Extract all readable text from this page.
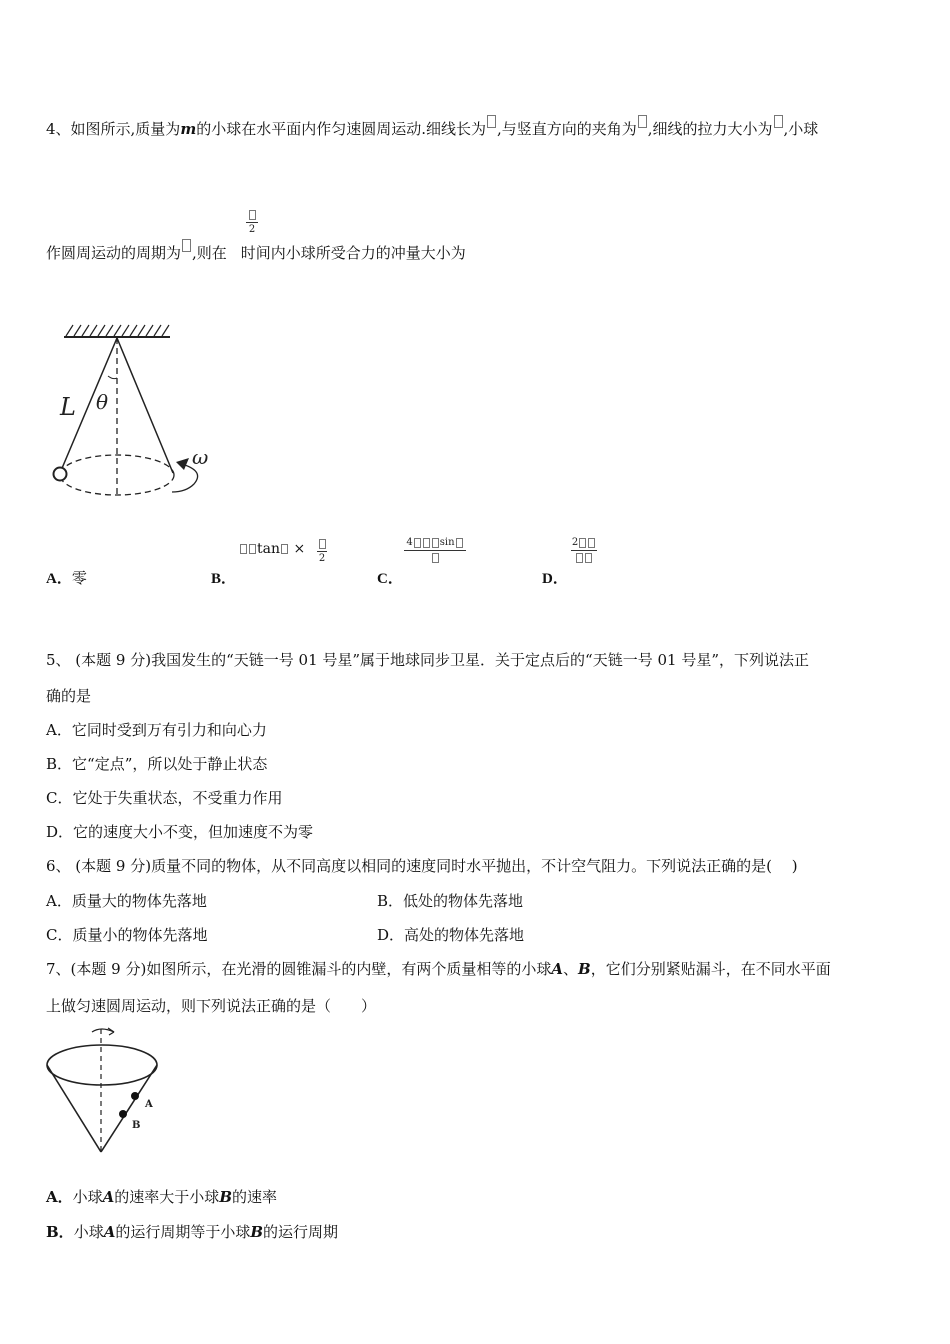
4、如图所示,质量为m的小球在水平面内作匀速圆周运动.细线长为 ,与竖直方向的夹角为 ,细线的拉力大小为 ,小球
2
作圆周运动的周期为 ,则在 时间内小球所受合力的冲量大小为
L θ
ω
A．零	B．
tan ×
2
C．
4	sin
D．
2
5、 (本题 9 分)我国发生的“天链一号 01 号星”属于地球同步卫星．关于定点后的“天链一号 01 号星”，下列说法正
确的是
A．它同时受到万有引力和向心力
B．它“定点”，所以处于静止状态
C．它处于失重状态，不受重力作用
D．它的速度大小不变，但加速度不为零
6、 (本题 9 分)质量不同的物体，从不同高度以相同的速度同时水平抛出，不计空气阻力。下列说法正确的是(　 )
A．质量大的物体先落地	B．低处的物体先落地
C．质量小的物体先落地	D．高处的物体先落地
7、(本题 9 分)如图所示，在光滑的圆锥漏斗的内壁，有两个质量相等的小球A、B，它们分别紧贴漏斗，在不同水平面
上做匀速圆周运动，则下列说法正确的是（　　）
A
B
A．小球A的速率大于小球B的速率
B．小球A的运行周期等于小球B的运行周期
